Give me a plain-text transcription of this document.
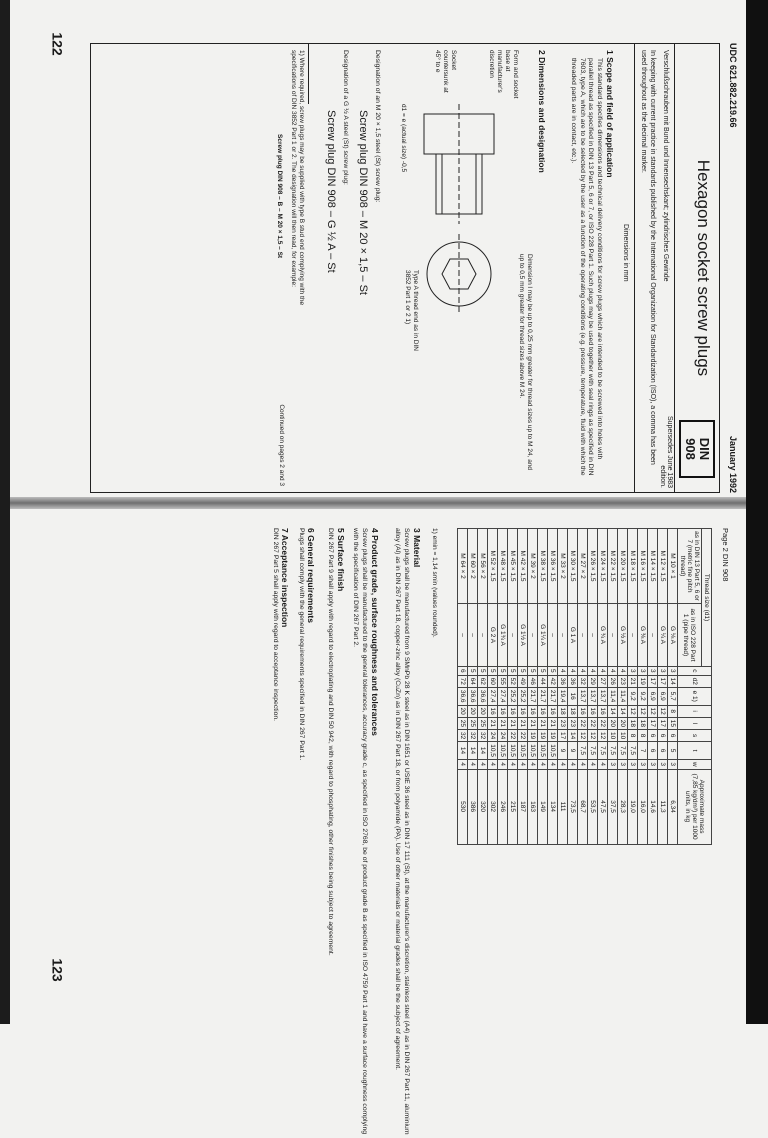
122
123
UDC 621.882.219.66
January 1992
Hexagon socket screw plugs
DIN
908
Supersedes June 1983 edition.
Verschlußschrauben mit Bund und Innensechskant; zylindrisches Gewinde
In keeping with current practice in standards published by the International Organization for Standardization (ISO), a comma has been used throughout as the decimal marker.
Dimensions in mm
1 Scope and field of application
This standard specifies dimensions and technical delivery conditions for screw plugs which are intended to be screwed into holes with parallel thread as specified in DIN 13 Part 5, 6 or 7, or ISO 228 Part 1. Such plugs may be used together with seal rings as specified in DIN 7603, type A, which are to be selected by the user as a function of the operating conditions (e.g. pressure, temperature, fluid with which the threaded parts are in contact, etc.).
2 Dimensions and designation
Dimension l may be up to 0,25 mm greater for thread sizes up to M 24, and up to 0,5 mm greater for thread sizes above M 24.
Form and socket base at manufacturer's discretion
Socket countersunk at 45° to e
Type A thread end as in DIN 3852 Part 1 or 2 1)
d1 = e (actual size) -0,5
Designation of an M 20 × 1,5 steel (St) screw plug:
Screw plug DIN 908 – M 20 × 1,5 – St
Designation of a G ½ A steel (St) screw plug:
Screw plug DIN 908 – G ½ A – St
1) Where required, screw plugs may be supplied with type B stud end complying with the specifications of DIN 3852 Part 1 or 2. The designation will then read, for example:
Screw plug DIN 908 – B – M 20 × 1,5 – St
Continued on pages 2 and 3
Page 2 DIN 908
Thread size (d1)		c	d2	e 1)	i	l	s	t	w	Approximate mass (7,85 kg/dm³) per 1000 units, in kg
as in DIN 13 Part 5, 6 or 7 (metric fine pitch thread)	as in ISO 228 Part 1 (pipe thread)									
M 10 × 1	G ⅛ A	3	14	5,7	8	15	6	5	3	6,34
M 12 × 1,5	G ¼ A	3	17	6,9	12	17	6	6	3	11,3
M 14 × 1,5	–	3	17	6,9	12	17	6	6	3	14,6
M 16 × 1,5	G ⅜ A	3	19	9,2	12	18	8	7	3	16,0
M 18 × 1,5	–	3	21	9,2	12	18	8	7,5	3	19,0
M 20 × 1,5	G ½ A	4	23	11,4	14	20	10	7,5	3	28,3
M 22 × 1,5	–	4	26	11,4	14	20	10	7,5	3	37,5
M 24 × 1,5	G ¾ A	4	27	13,7	16	22	12	7,5	4	47,5
M 26 × 1,5	–	4	29	13,7	16	22	12	7,5	4	53,5
M 27 × 2	–	4	32	13,7	16	22	12	7,5	4	68,7
M 30 × 1,5	G 1 A	4	36	16	18	23	14	9	4	73,5
M 33 × 2	–	4	36	19,4	18	23	17	9	4	111
M 36 × 1,5	–	5	42	21,7	16	21	19	10,5	4	134
M 38 × 1,5	G 1¼ A	5	44	21,7	16	21	19	10,5	4	149
M 39 × 2	–	5	46	21,7	16	21	19	10,5	4	163
M 42 × 1,5	G 1½ A	5	49	25,2	16	21	22	10,5	4	187
M 45 × 1,5	–	5	52	25,2	16	21	22	10,5	4	215
M 48 × 1,5	G 1¾ A	5	55	27,4	16	21	24	10,5	4	246
M 52 × 1,5	G 2 A	5	60	27,4	16	21	24	10,5	4	302
M 56 × 2	–	5	62	36,6	20	25	32	14	4	320
M 60 × 2	–	5	64	36,6	20	25	32	14	4	386
M 64 × 2	–	6	72	36,6	20	25	32	14	4	530
1) emin = 1,14 smin (values rounded).
3 Material
Screw plugs shall be manufactured from 9 SMnPb 28 K steel as in DIN 1651 or UStE 36 steel as in DIN 17 111 (St), at the manufacturer's discretion, stainless steel (A4) as in DIN 267 Part 11, aluminium alloy (Al) as in DIN 267 Part 18, copper-zinc alloy (CuZn) as in DIN 267 Part 18, or from polyamide (PA). Use of other materials or material grades shall be the subject of agreement.
4 Product grade, surface roughness and tolerances
Screw plugs shall be manufactured to the general tolerances, accuracy grade c, as specified in ISO 2768, be of product grade B as specified in ISO 4759 Part 1 and have a surface roughness complying with the specification of DIN 267 Part 2.
5 Surface finish
DIN 267 Part 9 shall apply with regard to electroplating and DIN 50 942, with regard to phosphating, other finishes being subject to agreement.
6 General requirements
Plugs shall comply with the general requirements specified in DIN 267 Part 1.
7 Acceptance inspection
DIN 267 Part 5 shall apply with regard to acceptance inspection.
